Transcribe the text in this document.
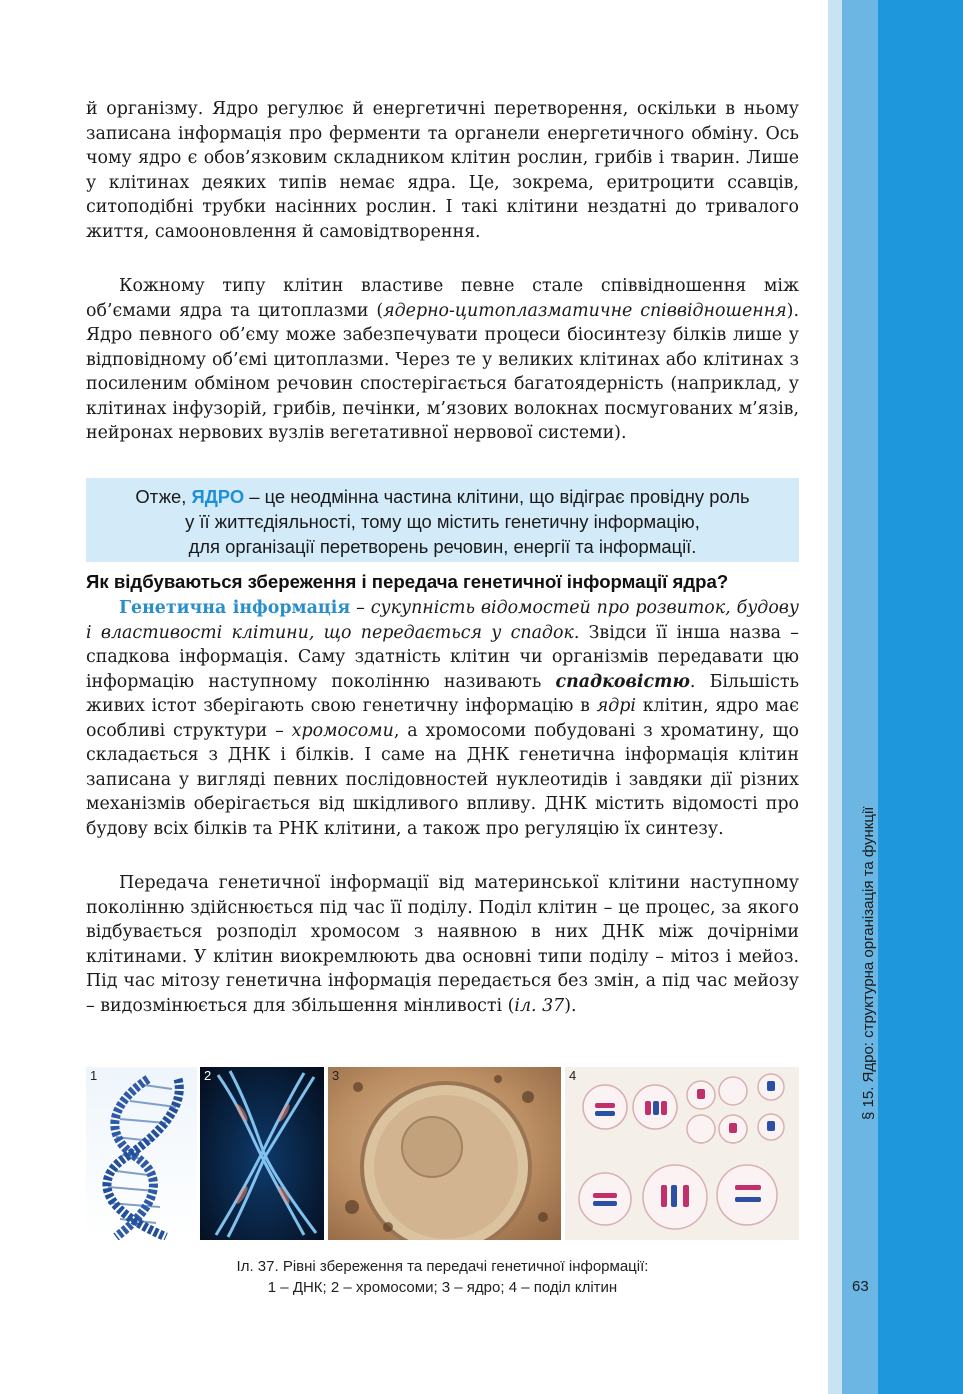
§ 15. Ядро: структурна організація та функції
63

й організму. Ядро регулює й енергетичні перетворення, оскільки в ньому записана інформація про ферменти та органели енергетичного обміну. Ось чому ядро є обов’язковим складником клітин рослин, грибів і тварин. Лише у клітинах деяких типів немає ядра. Це, зокрема, еритроцити ссавців, ситоподібні трубки насінних рослин. І такі клітини нездатні до тривалого життя, самооновлення й самовідтворення.

Кожному типу клітин властиве певне стале співвідношення між об’ємами ядра та цитоплазми (ядерно-цитоплазматичне співвідношення). Ядро певного об’єму може забезпечувати процеси біосинтезу білків лише у відповідному об’ємі цитоплазми. Через те у великих клітинах або клітинах з посиленим обміном речовин спостерігається багатоядерність (наприклад, у клітинах інфузорій, грибів, печінки, м’язових волокнах посмугованих м’язів, нейронах нервових вузлів вегетативної нервової системи).

Отже, ЯДРО – це неодмінна частина клітини, що відіграє провідну роль
у її життєдіяльності, тому що містить генетичну інформацію,
для організації перетворень речовин, енергії та інформації.
Як відбуваються збереження і передача генетичної інформації ядра?

Генетична інформація – сукупність відомостей про розвиток, будову і властивості клітини, що передається у спадок. Звідси її інша назва – спадкова інформація. Саму здатність клітин чи організмів передавати цю інформацію наступному поколінню називають спадковістю. Більшість живих істот зберігають свою генетичну інформацію в ядрі клітин, ядро має особливі структури – хромосоми, а хромосоми побудовані з хроматину, що складається з ДНК і білків. І саме на ДНК генетична інформація клітин записана у вигляді певних послідовностей нуклеотидів і завдяки дії різних механізмів оберігається від шкідливого впливу. ДНК містить відомості про будову всіх білків та РНК клітини, а також про регуляцію їх синтезу.

Передача генетичної інформації від материнської клітини наступному поколінню здійснюється під час її поділу. Поділ клітин – це процес, за якого відбувається розподіл хромосом з наявною в них ДНК між дочірніми клітинами. У клітин виокремлюють два основні типи поділу – мітоз і мейоз. Під час мітозу генетична інформація передається без змін, а під час мейозу – видозмінюється для збільшення мінливості (іл. 37).

1	2	3	4
Іл. 37. Рівні збереження та передачі генетичної інформації:
1 – ДНК; 2 – хромосоми; 3 – ядро; 4 – поділ клітин
